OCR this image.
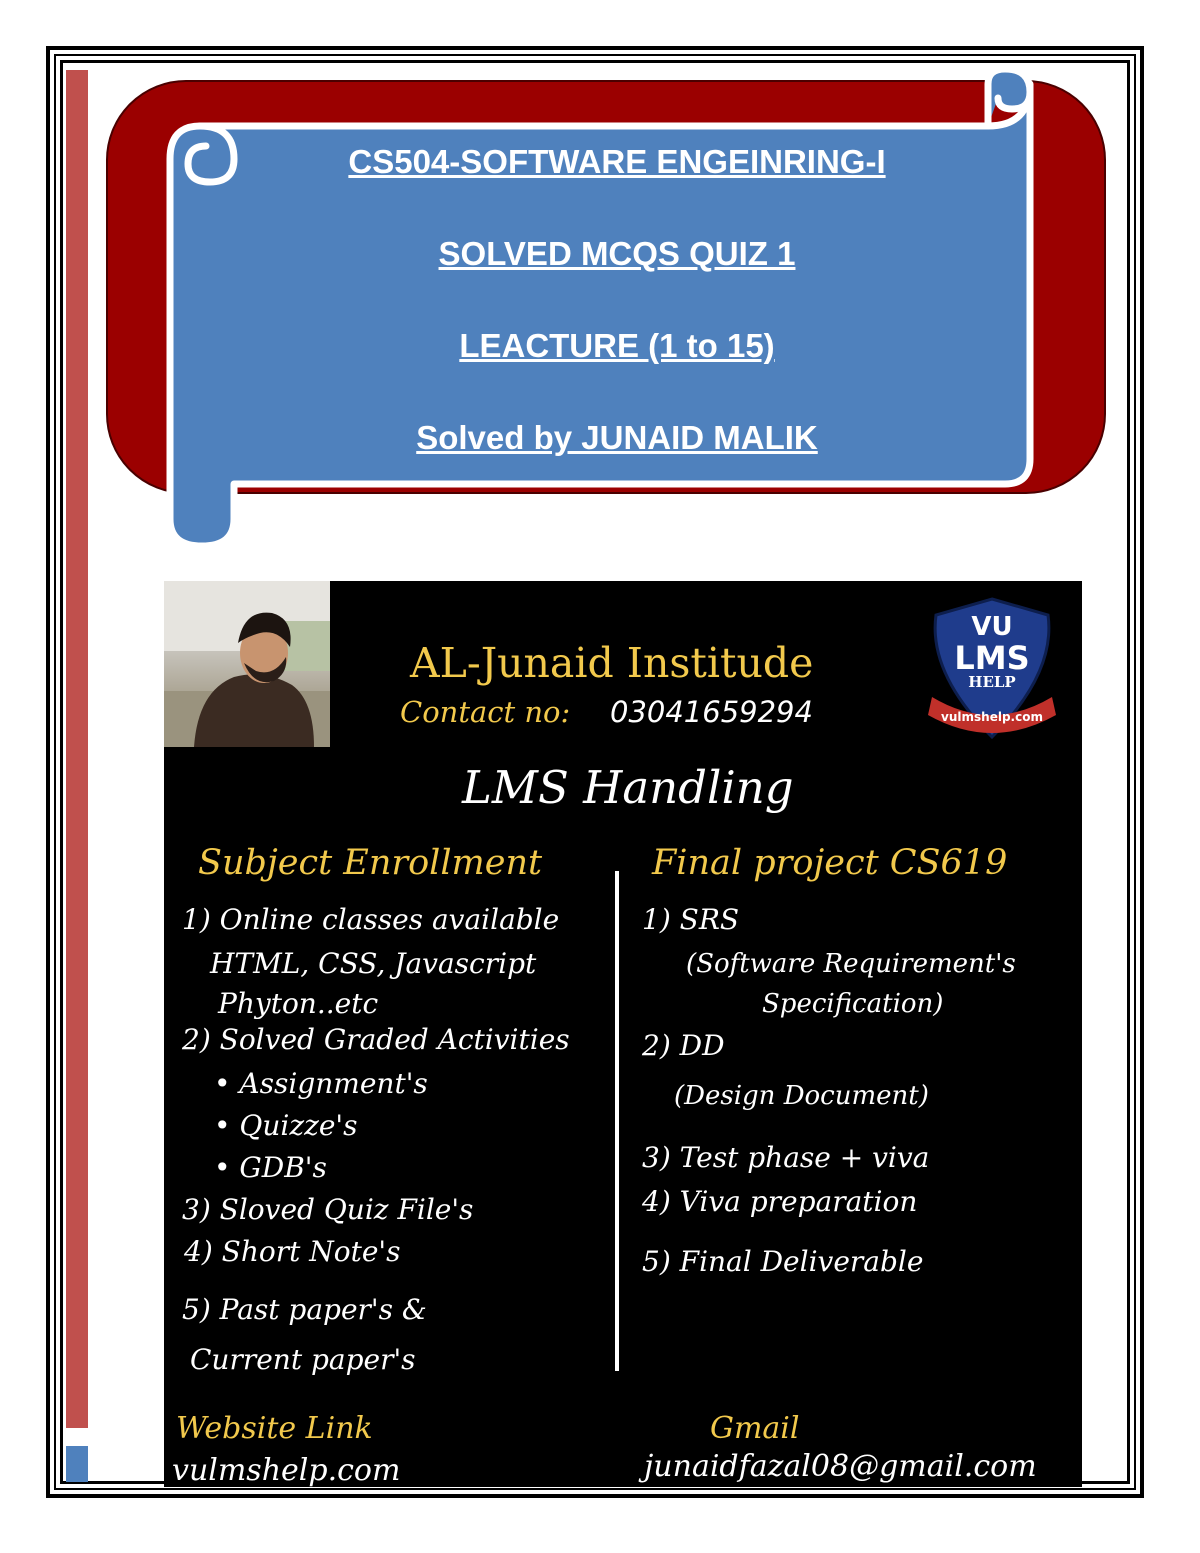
CS504-SOFTWARE ENGEINRING-I
SOLVED MCQS QUIZ 1
LEACTURE (1 to 15)
Solved by JUNAID MALIK
AL-Junaid Institude
Contact no: 03041659294
VU
LMS
HELP
vulmshelp.com
LMS Handling
Subject Enrollment
1) Online classes available
HTML, CSS, Javascript
Phyton..etc
2) Solved Graded Activities
• Assignment's
• Quizze's
• GDB's
3) Sloved Quiz File's
4) Short Note's
5) Past paper's &
Current paper's
Final project CS619
1) SRS
(Software Requirement's
Specification)
2) DD
(Design Document)
3) Test phase + viva
4) Viva preparation
5) Final Deliverable
Website Link
vulmshelp.com
Gmail
junaidfazal08@gmail.com
